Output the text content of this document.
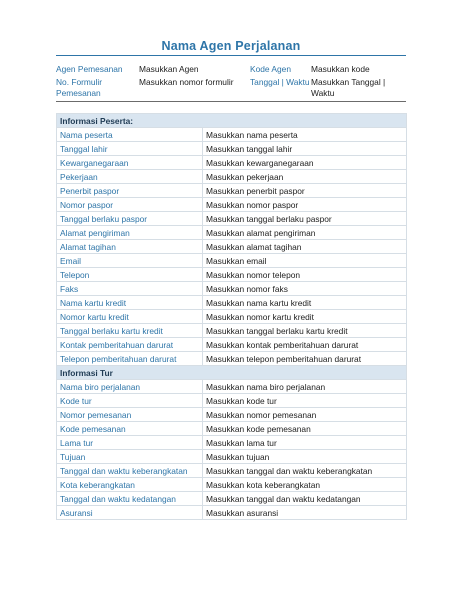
Nama Agen Perjalanan
Agen Pemesanan	Masukkan Agen	Kode Agen	Masukkan kode
No. Formulir Pemesanan	Masukkan nomor formulir	Tanggal | Waktu	Masukkan Tanggal | Waktu
Informasi Peserta:	
Nama peserta	Masukkan nama peserta
Tanggal lahir	Masukkan tanggal lahir
Kewarganegaraan	Masukkan kewarganegaraan
Pekerjaan	Masukkan pekerjaan
Penerbit paspor	Masukkan penerbit paspor
Nomor paspor	Masukkan nomor paspor
Tanggal berlaku paspor	Masukkan tanggal berlaku paspor
Alamat pengiriman	Masukkan alamat pengiriman
Alamat tagihan	Masukkan alamat tagihan
Email	Masukkan email
Telepon	Masukkan nomor telepon
Faks	Masukkan nomor faks
Nama kartu kredit	Masukkan nama kartu kredit
Nomor kartu kredit	Masukkan nomor kartu kredit
Tanggal berlaku kartu kredit	Masukkan tanggal berlaku kartu kredit
Kontak pemberitahuan darurat	Masukkan kontak pemberitahuan darurat
Telepon pemberitahuan darurat	Masukkan telepon pemberitahuan darurat
Informasi Tur	
Nama biro perjalanan	Masukkan nama biro perjalanan
Kode tur	Masukkan kode tur
Nomor pemesanan	Masukkan nomor pemesanan
Kode pemesanan	Masukkan kode pemesanan
Lama tur	Masukkan lama tur
Tujuan	Masukkan tujuan
Tanggal dan waktu keberangkatan	Masukkan tanggal dan waktu keberangkatan
Kota keberangkatan	Masukkan kota keberangkatan
Tanggal dan waktu kedatangan	Masukkan tanggal dan waktu kedatangan
Asuransi	Masukkan asuransi
